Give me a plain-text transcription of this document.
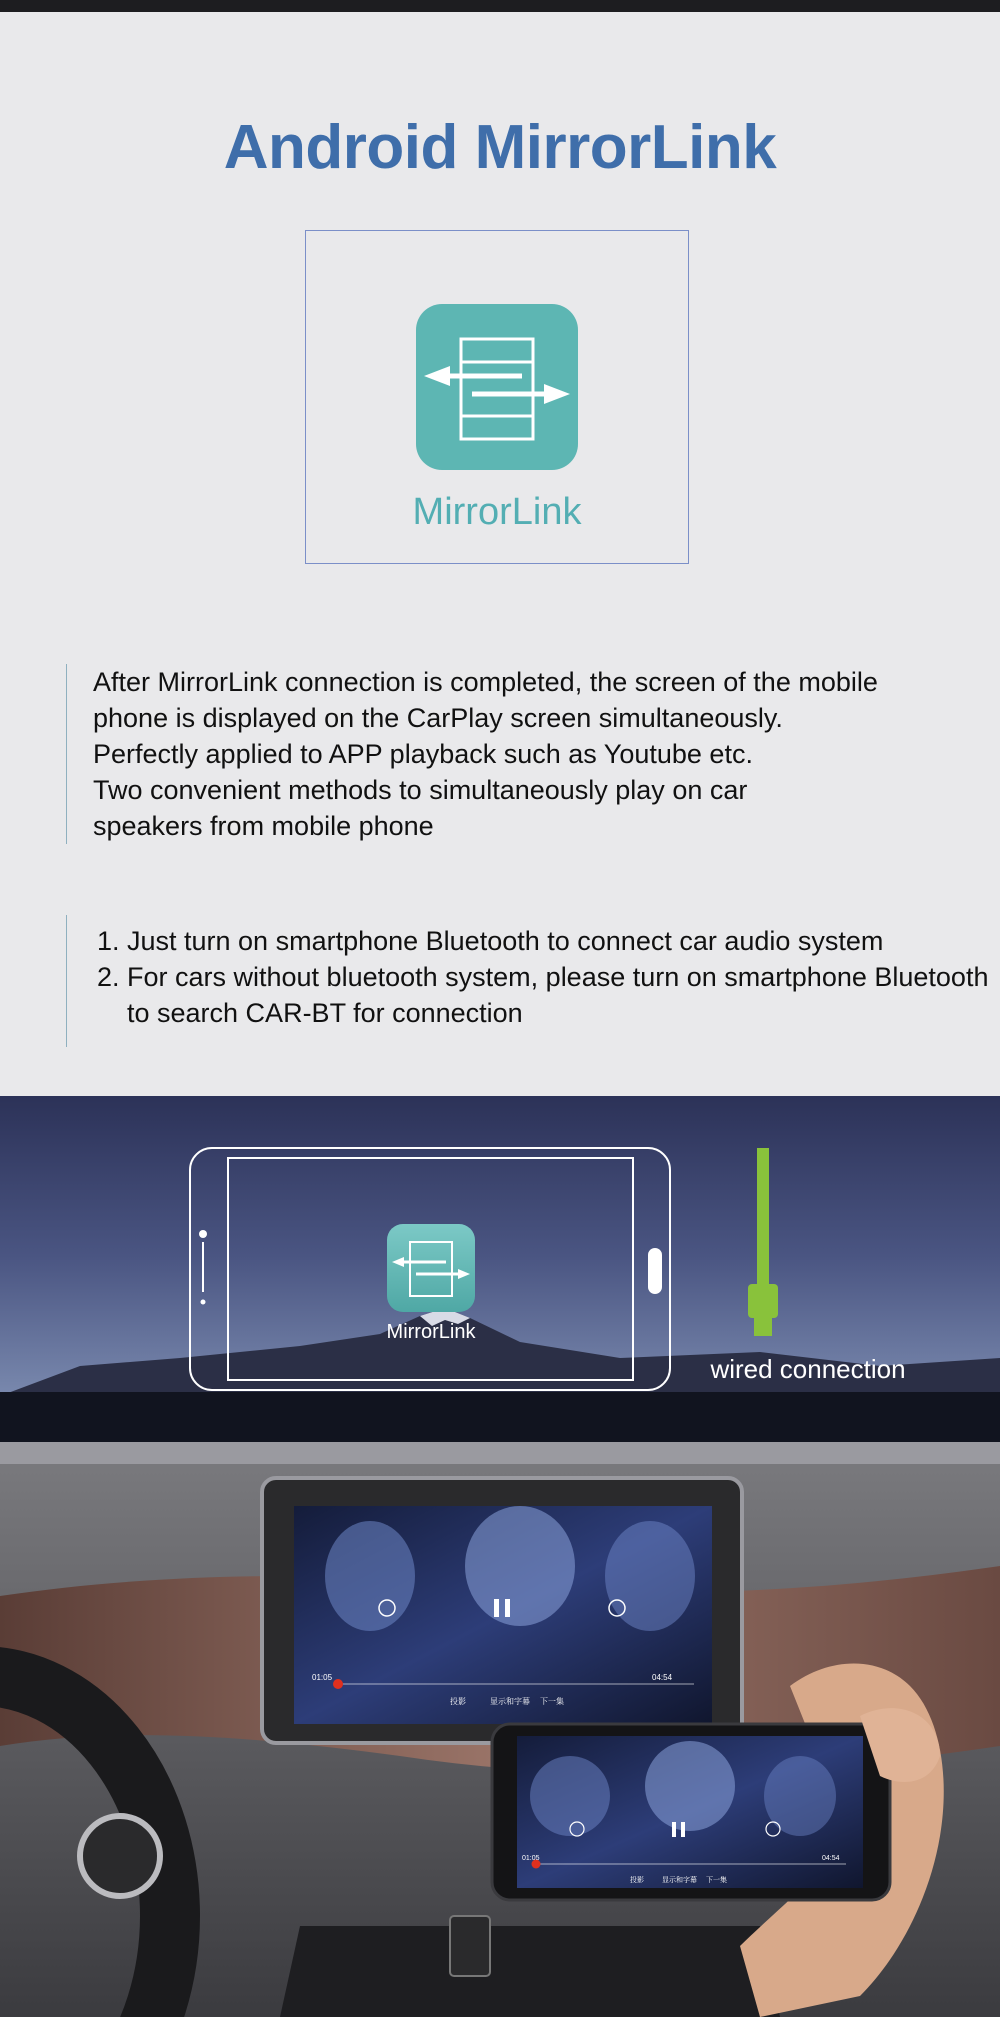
Android MirrorLink
MirrorLink

After MirrorLink connection is completed, the screen of the mobile

phone is displayed on the CarPlay screen simultaneously.

Perfectly applied to APP playback such as Youtube etc.

Two convenient methods to simultaneously play on car

speakers from mobile phone

1. Just turn on smartphone Bluetooth to connect car audio system
2. For cars without bluetooth system, please turn on smartphone Bluetooth to search CAR-BT for connection
MirrorLink
wired connection
01:05	04:54
投影	显示和字幕 下一集
01:05	04:54
投影	显示和字幕 下一集
